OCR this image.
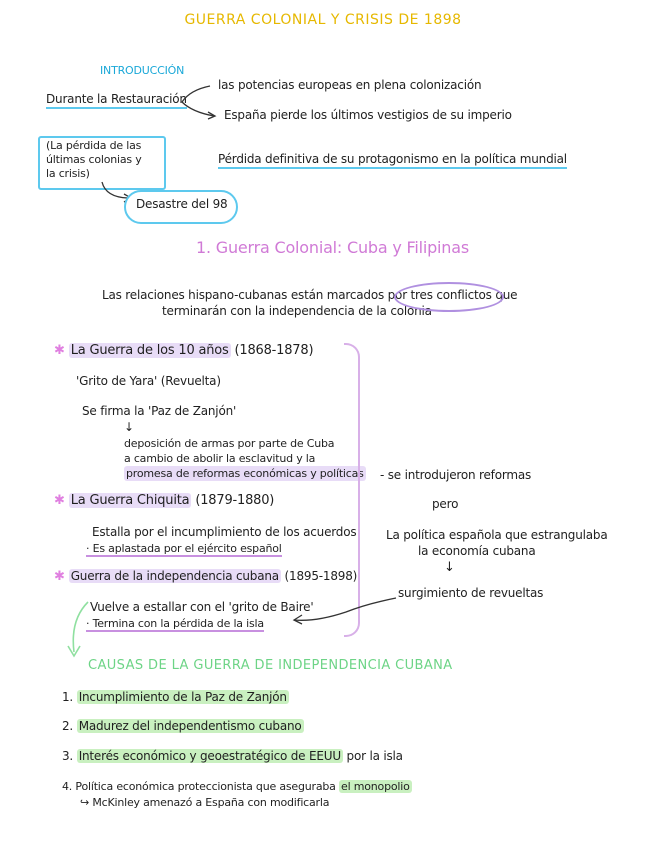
GUERRA COLONIAL Y CRISIS DE 1898
INTRODUCCIÓN
Durante la Restauración
las potencias europeas en plena colonización
España pierde los últimos vestigios de su imperio
(La pérdida de las
últimas colonias y
la crisis)
Desastre del 98
Pérdida definitiva de su protagonismo en la política mundial
1. Guerra Colonial: Cuba y Filipinas
Las relaciones hispano-cubanas están marcados por tres conflictos que
terminarán con la independencia de la colonia
✱ La Guerra de los 10 años (1868-1878)
'Grito de Yara' (Revuelta)
Se firma la 'Paz de Zanjón'
↓
deposición de armas por parte de Cuba
a cambio de abolir la esclavitud y la
promesa de reformas económicas y políticas
✱ La Guerra Chiquita (1879-1880)
Estalla por el incumplimiento de los acuerdos
· Es aplastada por el ejército español
✱ Guerra de la independencia cubana (1895-1898)
Vuelve a estallar con el 'grito de Baire'
· Termina con la pérdida de la isla
- se introdujeron reformas
pero
La política española que estrangulaba
la economía cubana
↓
surgimiento de revueltas
CAUSAS DE LA GUERRA DE INDEPENDENCIA CUBANA
1. Incumplimiento de la Paz de Zanjón
2. Madurez del independentismo cubano
3. Interés económico y geoestratégico de EEUU por la isla
4. Política económica proteccionista que aseguraba el monopolio
↪ McKinley amenazó a España con modificarla
